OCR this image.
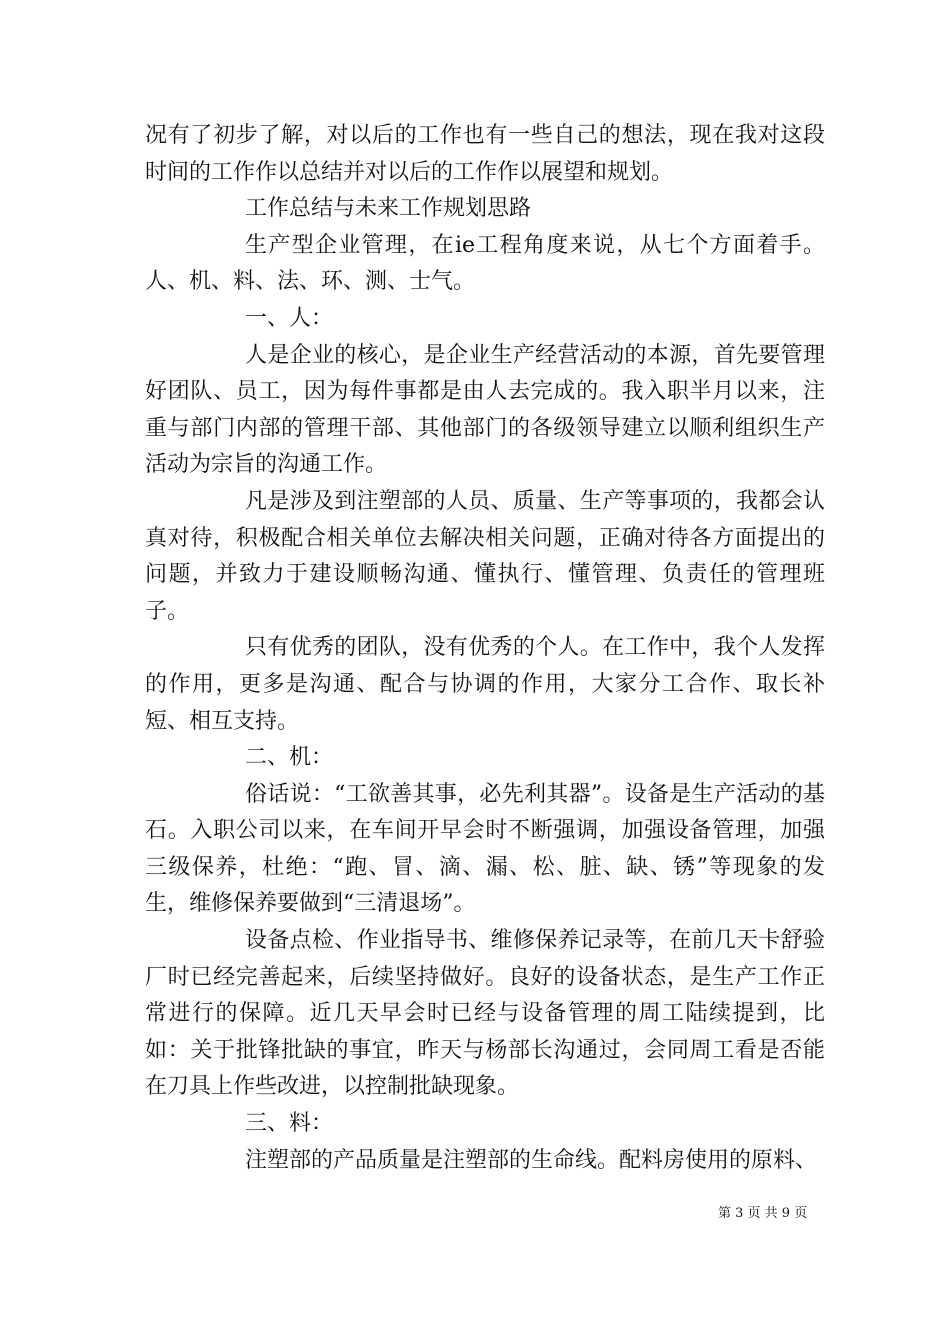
况有了初步了解，对以后的工作也有一些自己的想法，现在我对这段时间的工作作以总结并对以后的工作作以展望和规划。

工作总结与未来工作规划思路

生产型企业管理，在ie工程角度来说，从七个方面着手。人、机、料、法、环、测、士气。

一、人：

人是企业的核心，是企业生产经营活动的本源，首先要管理好团队、员工，因为每件事都是由人去完成的。我入职半月以来，注重与部门内部的管理干部、其他部门的各级领导建立以顺利组织生产活动为宗旨的沟通工作。

凡是涉及到注塑部的人员、质量、生产等事项的，我都会认真对待，积极配合相关单位去解决相关问题，正确对待各方面提出的问题，并致力于建设顺畅沟通、懂执行、懂管理、负责任的管理班子。

只有优秀的团队，没有优秀的个人。在工作中，我个人发挥的作用，更多是沟通、配合与协调的作用，大家分工合作、取长补短、相互支持。

二、机：

俗话说：“工欲善其事，必先利其器”。设备是生产活动的基石。入职公司以来，在车间开早会时不断强调，加强设备管理，加强三级保养，杜绝：“跑、冒、滴、漏、松、脏、缺、锈”等现象的发生，维修保养要做到“三清退场”。

设备点检、作业指导书、维修保养记录等，在前几天卡舒验厂时已经完善起来，后续坚持做好。良好的设备状态，是生产工作正常进行的保障。近几天早会时已经与设备管理的周工陆续提到，比如：关于批锋批缺的事宜，昨天与杨部长沟通过，会同周工看是否能在刀具上作些改进，以控制批缺现象。

三、料：

注塑部的产品质量是注塑部的生命线。配料房使用的原料、

第 3 页 共 9 页
